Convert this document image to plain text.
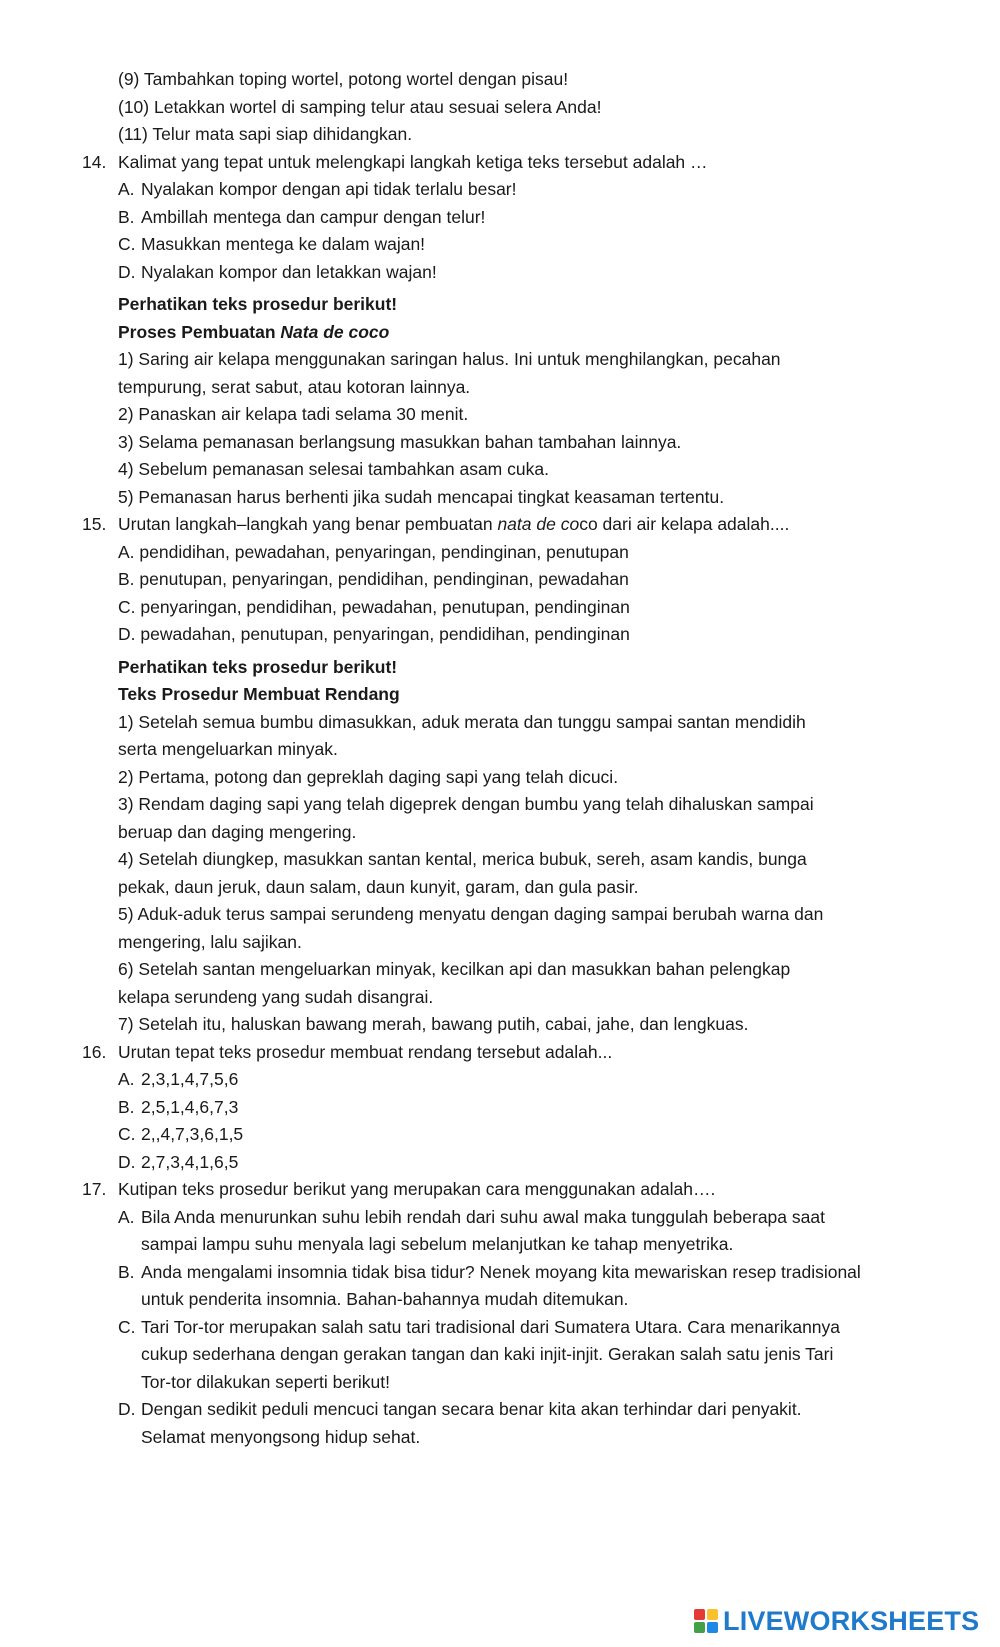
(9) Tambahkan toping wortel, potong wortel dengan pisau!
(10) Letakkan wortel di samping telur atau sesuai selera Anda!
(11) Telur mata sapi siap dihidangkan.
14. Kalimat yang tepat untuk melengkapi langkah ketiga teks tersebut adalah …
A. Nyalakan kompor dengan api tidak terlalu besar!
B. Ambillah mentega dan campur dengan telur!
C. Masukkan mentega ke dalam wajan!
D. Nyalakan kompor dan letakkan wajan!
Perhatikan teks prosedur berikut!
Proses Pembuatan Nata de coco
1) Saring air kelapa menggunakan saringan halus. Ini untuk menghilangkan, pecahan
tempurung, serat sabut, atau kotoran lainnya.
2) Panaskan air kelapa tadi selama 30 menit.
3) Selama pemanasan berlangsung masukkan bahan tambahan lainnya.
4) Sebelum pemanasan selesai tambahkan asam cuka.
5) Pemanasan harus berhenti jika sudah mencapai tingkat keasaman tertentu.
15. Urutan langkah–langkah yang benar pembuatan nata de coco dari air kelapa adalah....
A. pendidihan, pewadahan, penyaringan, pendinginan, penutupan
B. penutupan, penyaringan, pendidihan, pendinginan, pewadahan
C. penyaringan, pendidihan, pewadahan, penutupan, pendinginan
D. pewadahan, penutupan, penyaringan, pendidihan, pendinginan
Perhatikan teks prosedur berikut!
Teks Prosedur Membuat Rendang
1) Setelah semua bumbu dimasukkan, aduk merata dan tunggu sampai santan mendidih
serta mengeluarkan minyak.
2) Pertama, potong dan gepreklah daging sapi yang telah dicuci.
3) Rendam daging sapi yang telah digeprek dengan bumbu yang telah dihaluskan sampai
beruap dan daging mengering.
4) Setelah diungkep, masukkan santan kental, merica bubuk, sereh, asam kandis, bunga
pekak, daun jeruk, daun salam, daun kunyit, garam, dan gula pasir.
5) Aduk-aduk terus sampai serundeng menyatu dengan daging sampai berubah warna dan
mengering, lalu sajikan.
6) Setelah santan mengeluarkan minyak, kecilkan api dan masukkan bahan pelengkap
kelapa serundeng yang sudah disangrai.
7) Setelah itu, haluskan bawang merah, bawang putih, cabai, jahe, dan lengkuas.
16. Urutan tepat teks prosedur membuat rendang tersebut adalah...
A. 2,3,1,4,7,5,6
B. 2,5,1,4,6,7,3
C. 2,,4,7,3,6,1,5
D. 2,7,3,4,1,6,5
17. Kutipan teks prosedur berikut yang merupakan cara menggunakan adalah….
A. Bila Anda menurunkan suhu lebih rendah dari suhu awal maka tunggulah beberapa saat
sampai lampu suhu menyala lagi sebelum melanjutkan ke tahap menyetrika.
B. Anda mengalami insomnia tidak bisa tidur? Nenek moyang kita mewariskan resep tradisional
untuk penderita insomnia. Bahan-bahannya mudah ditemukan.
C. Tari Tor-tor merupakan salah satu tari tradisional dari Sumatera Utara. Cara menarikannya
cukup sederhana dengan gerakan tangan dan kaki injit-injit. Gerakan salah satu jenis Tari
Tor-tor dilakukan seperti berikut!
D. Dengan sedikit peduli mencuci tangan secara benar kita akan terhindar dari penyakit.
Selamat menyongsong hidup sehat.
LIVEWORKSHEETS
